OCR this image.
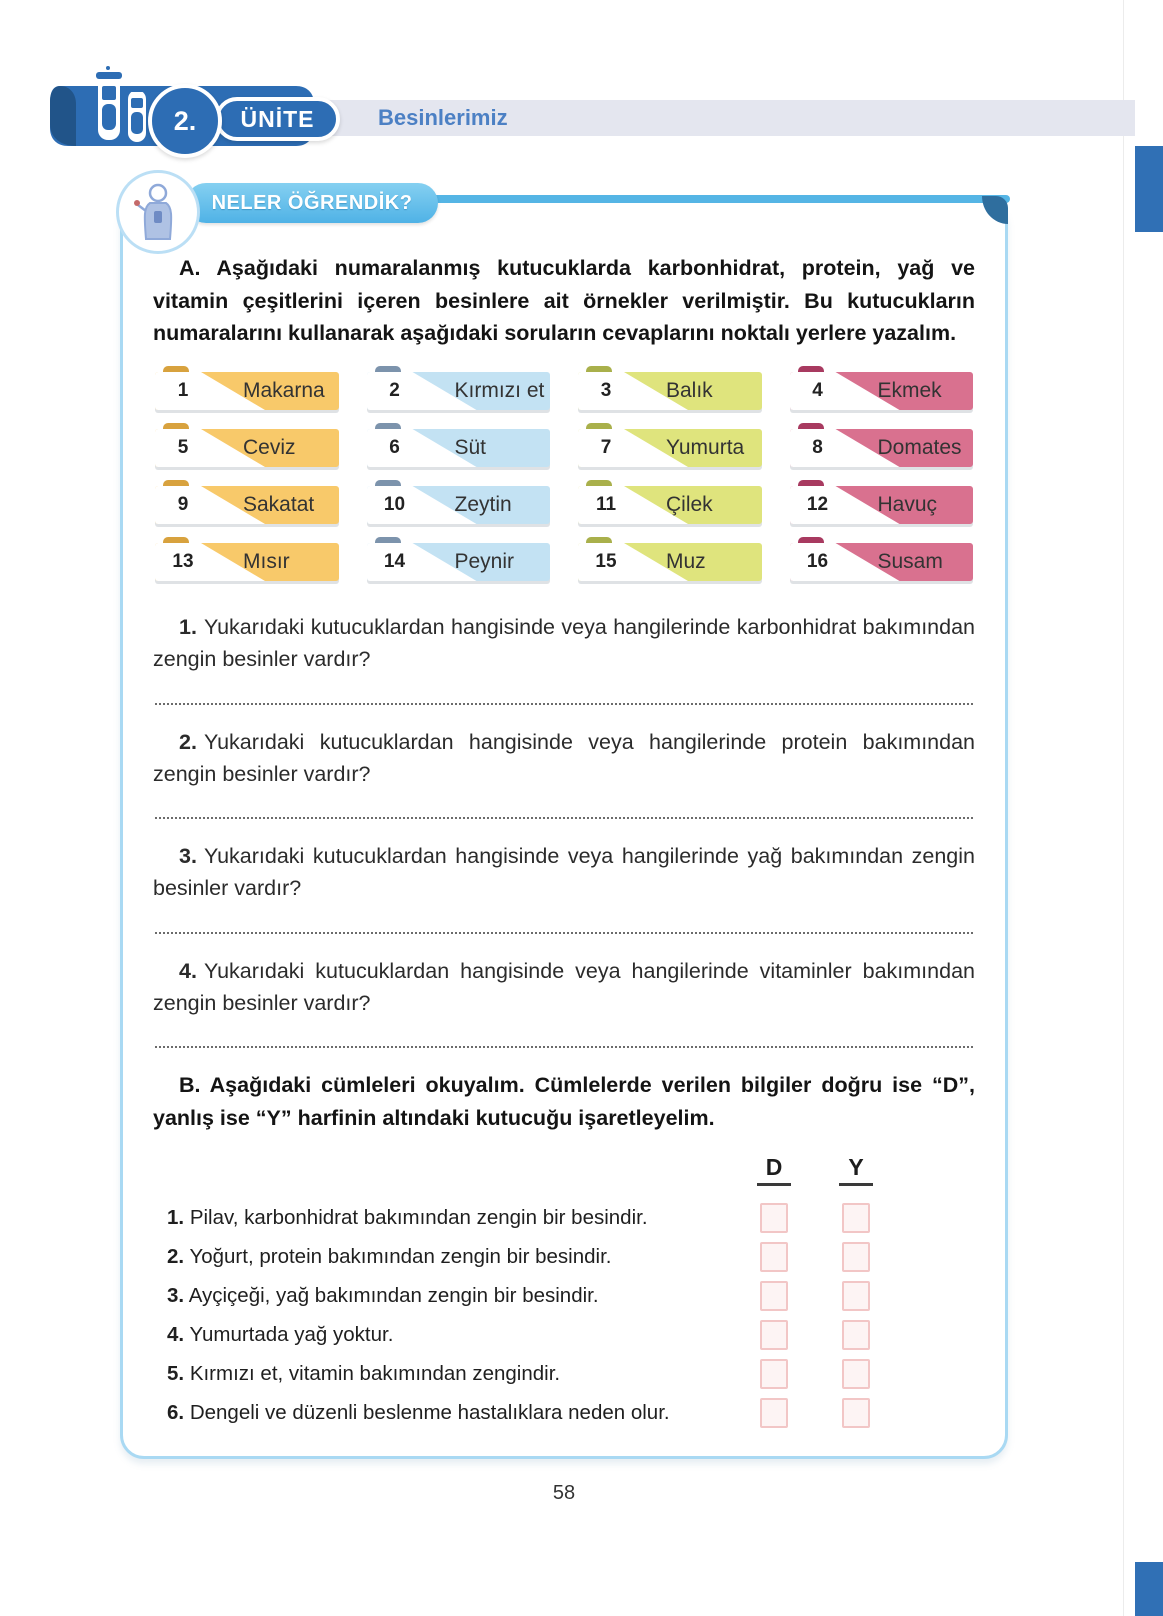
Besinlerimiz
2. ÜNİTE
NELER ÖĞRENDİK?

A. Aşağıdaki numaralanmış kutucuklarda karbonhidrat, protein, yağ ve vitamin çeşitlerini içeren besinlere ait örnekler verilmiştir. Bu kutucukların numaralarını kullanarak aşağıdaki soruların cevaplarını noktalı yerlere yazalım.

1	Makarna	2	Kırmızı et	3	Balık	4	Ekmek
5	Ceviz	6	Süt	7	Yumurta	8	Domates
9	Sakatat	10	Zeytin	11	Çilek	12	Havuç
13	Mısır	14	Peynir	15	Muz	16	Susam

1. Yukarıdaki kutucuklardan hangisinde veya hangilerinde karbonhidrat bakımından zengin besinler vardır?

2. Yukarıdaki kutucuklardan hangisinde veya hangilerinde protein bakımından zengin besinler vardır?

3. Yukarıdaki kutucuklardan hangisinde veya hangilerinde yağ bakımından zengin besinler vardır?

4. Yukarıdaki kutucuklardan hangisinde veya hangilerinde vitaminler bakımından zengin besinler vardır?

B. Aşağıdaki cümleleri okuyalım. Cümlelerde verilen bilgiler doğru ise “D”, yanlış ise “Y” harfinin altındaki kutucuğu işaretleyelim.

D	Y

1. Pilav, karbonhidrat bakımından zengin bir besindir.

2. Yoğurt, protein bakımından zengin bir besindir.

3. Ayçiçeği, yağ bakımından zengin bir besindir.

4. Yumurtada yağ yoktur.

5. Kırmızı et, vitamin bakımından zengindir.

6. Dengeli ve düzenli beslenme hastalıklara neden olur.

58
